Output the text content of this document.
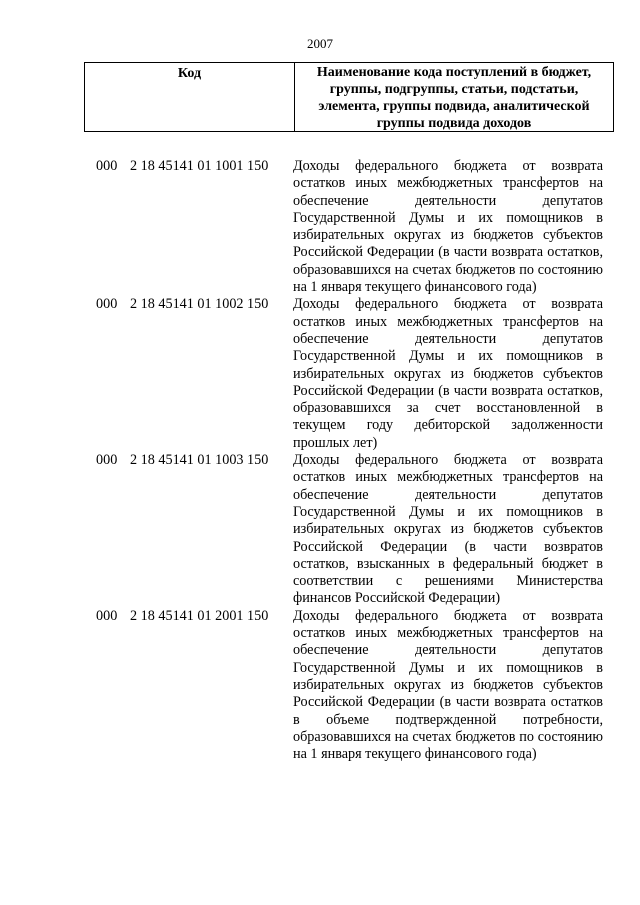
2007
Код	Наименование кода поступлений в бюджет, группы, подгруппы, статьи, подстатьи, элемента, группы подвида, аналитической группы подвида доходов
000 2 18 45141 01 1001 150	Доходы федерального бюджета от возврата остатков иных межбюджетных трансфертов на обеспечение деятельности депутатов Государственной Думы и их помощников в избирательных округах из бюджетов субъектов Российской Федерации (в части возврата остатков, образовавшихся на счетах бюджетов по состоянию на 1 января текущего финансового года)
000 2 18 45141 01 1002 150	Доходы федерального бюджета от возврата остатков иных межбюджетных трансфертов на обеспечение деятельности депутатов Государственной Думы и их помощников в избирательных округах из бюджетов субъектов Российской Федерации (в части возврата остатков, образовавшихся за счет восстановленной в текущем году дебиторской задолженности прошлых лет)
000 2 18 45141 01 1003 150	Доходы федерального бюджета от возврата остатков иных межбюджетных трансфертов на обеспечение деятельности депутатов Государственной Думы и их помощников в избирательных округах из бюджетов субъектов Российской Федерации (в части возвратов остатков, взысканных в федеральный бюджет в соответствии с решениями Министерства финансов Российской Федерации)
000 2 18 45141 01 2001 150	Доходы федерального бюджета от возврата остатков иных межбюджетных трансфертов на обеспечение деятельности депутатов Государственной Думы и их помощников в избирательных округах из бюджетов субъектов Российской Федерации (в части возврата остатков в объеме подтвержденной потребности, образовавшихся на счетах бюджетов по состоянию на 1 января текущего финансового года)
